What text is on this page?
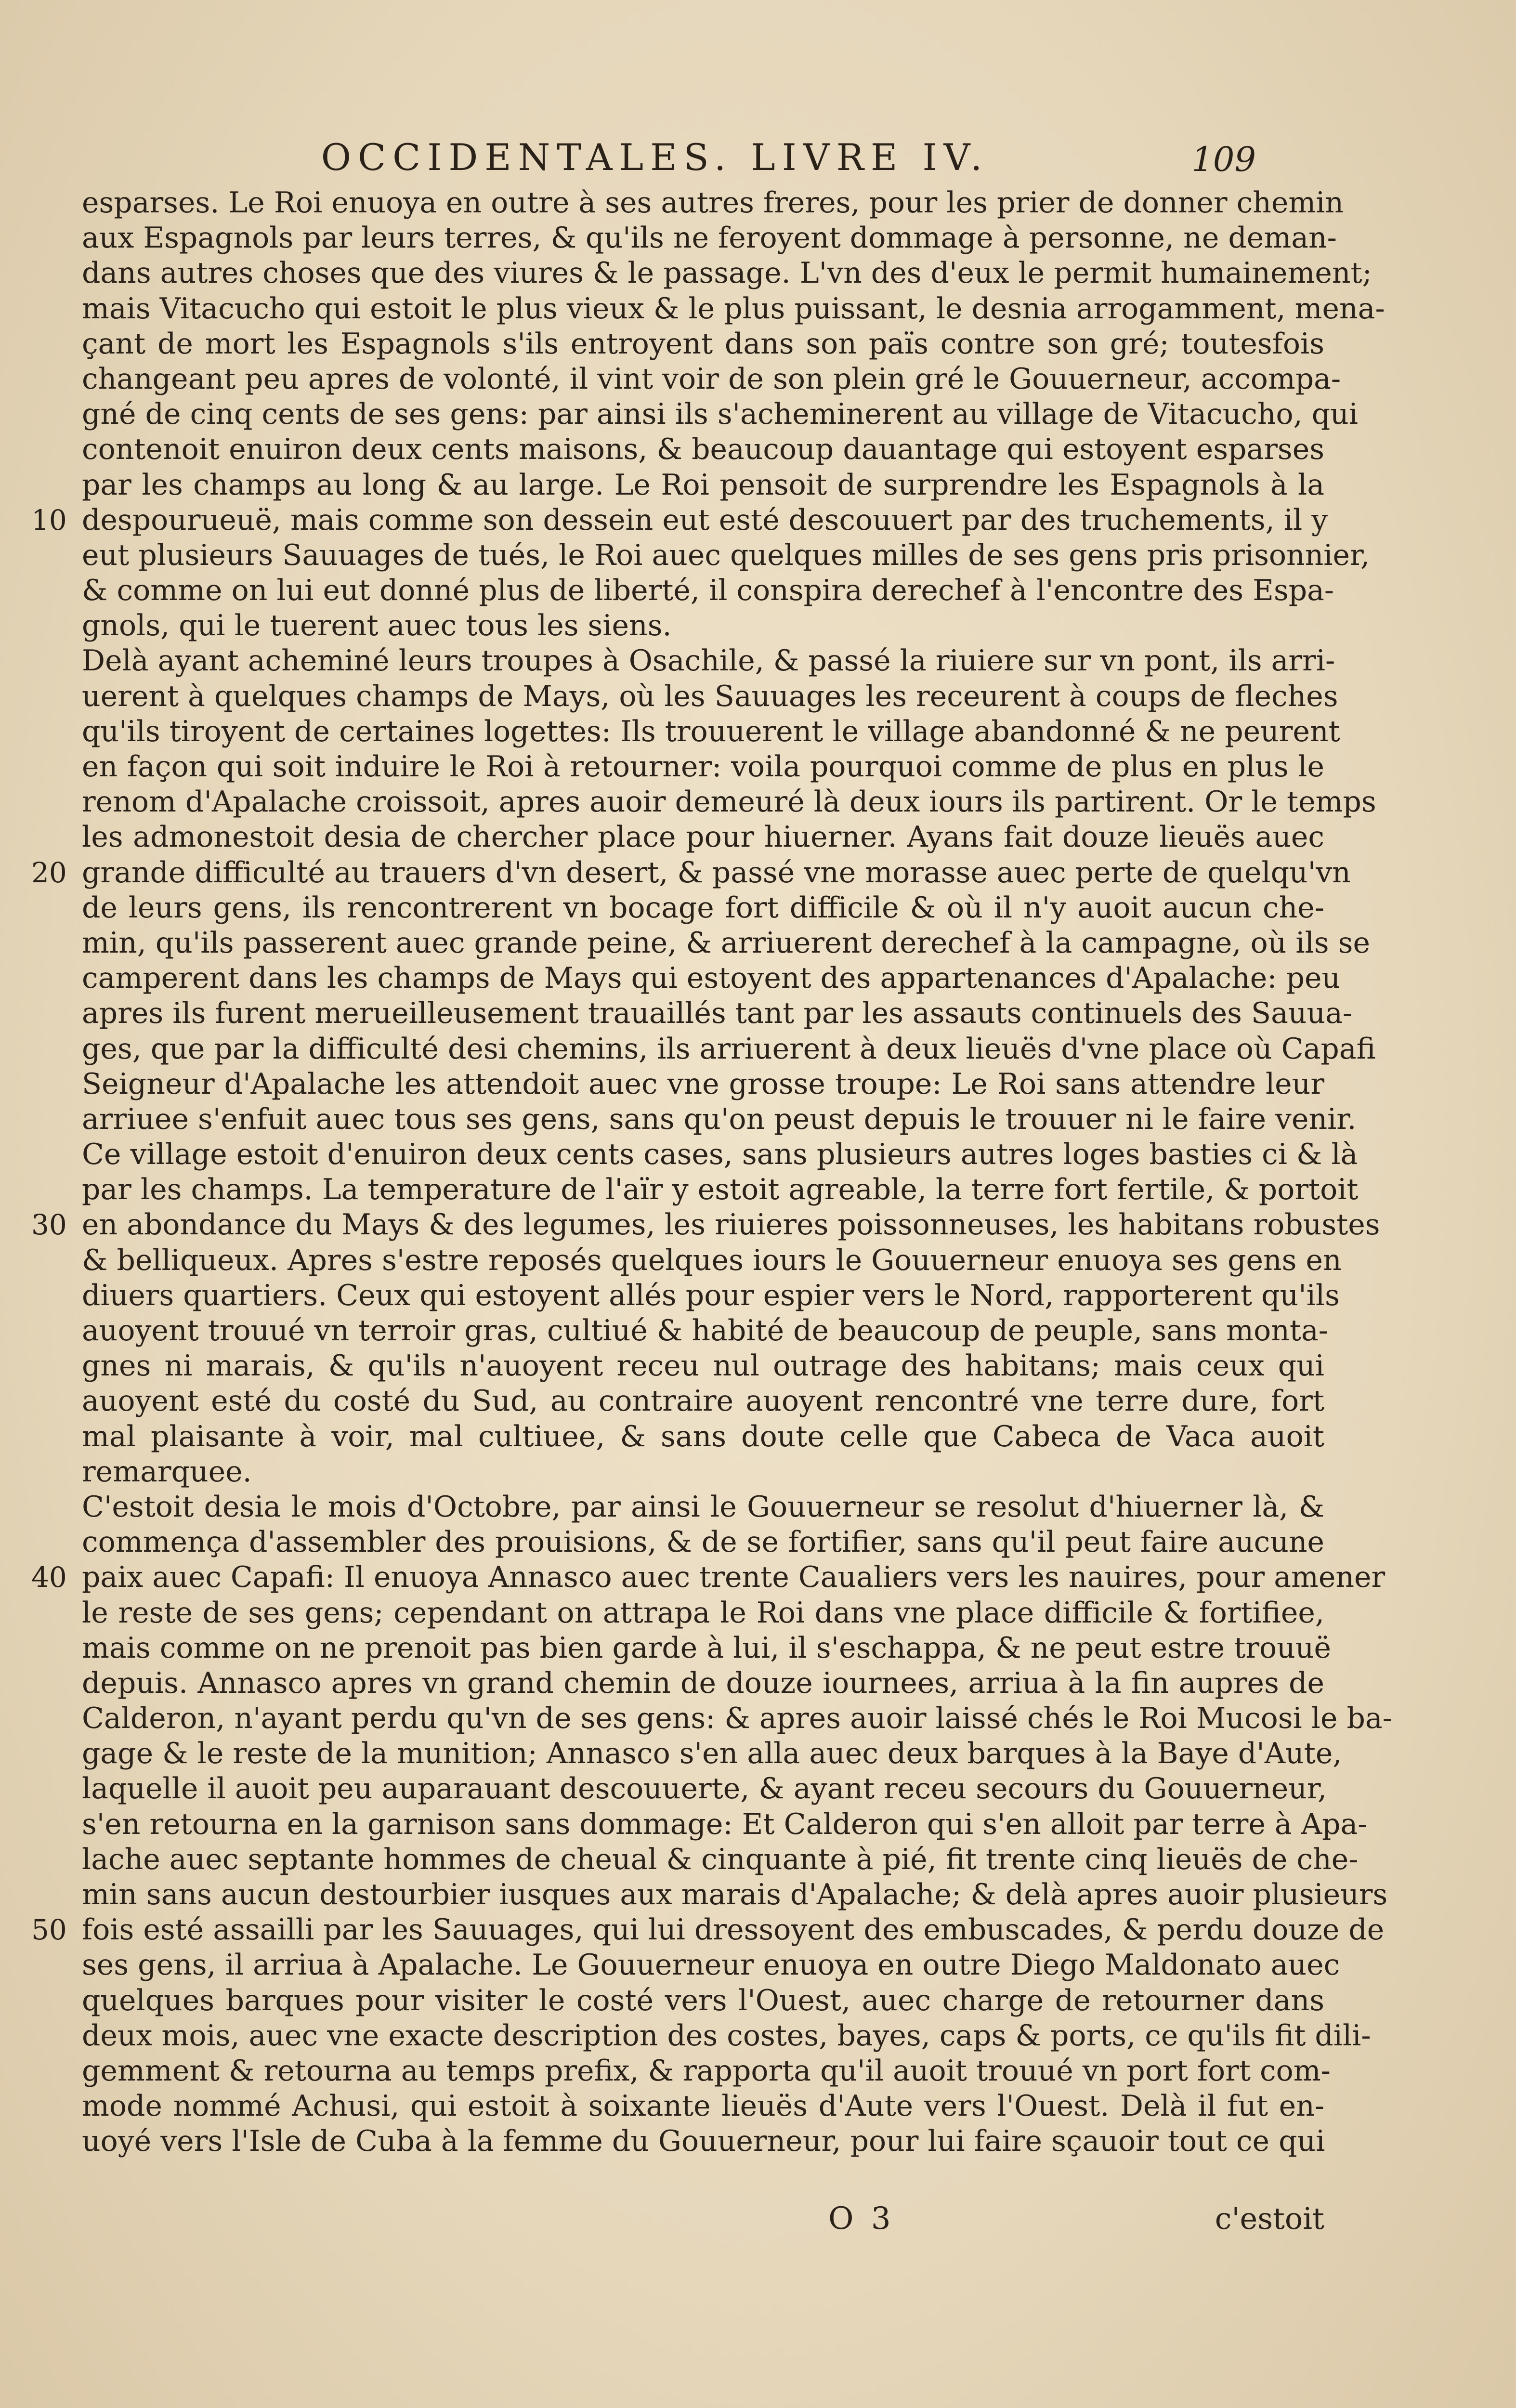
OCCIDENTALES. LIVRE IV.	109
esparses. Le Roi enuoya en outre à ses autres freres, pour les prier de donner chemin
aux Espagnols par leurs terres, & qu'ils ne feroyent dommage à personne, ne deman-
dans autres choses que des viures & le passage. L'vn des d'eux le permit humainement;
mais Vitacucho qui estoit le plus vieux & le plus puissant, le desnia arrogamment, mena-
çant de mort les Espagnols s'ils entroyent dans son païs contre son gré; toutesfois
changeant peu apres de volonté, il vint voir de son plein gré le Gouuerneur, accompa-
gné de cinq cents de ses gens: par ainsi ils s'acheminerent au village de Vitacucho, qui
contenoit enuiron deux cents maisons, & beaucoup dauantage qui estoyent esparses
par les champs au long & au large. Le Roi pensoit de surprendre les Espagnols à la
despourueuë, mais comme son dessein eut esté descouuert par des truchements, il y
10
eut plusieurs Sauuages de tués, le Roi auec quelques milles de ses gens pris prisonnier,
& comme on lui eut donné plus de liberté, il conspira derechef à l'encontre des Espa-
gnols, qui le tuerent auec tous les siens.
Delà ayant acheminé leurs troupes à Osachile, & passé la riuiere sur vn pont, ils arri-
uerent à quelques champs de Mays, où les Sauuages les receurent à coups de fleches
qu'ils tiroyent de certaines logettes: Ils trouuerent le village abandonné & ne peurent
en façon qui soit induire le Roi à retourner: voila pourquoi comme de plus en plus le
renom d'Apalache croissoit, apres auoir demeuré là deux iours ils partirent. Or le temps
les admonestoit desia de chercher place pour hiuerner. Ayans fait douze lieuës auec
grande difficulté au trauers d'vn desert, & passé vne morasse auec perte de quelqu'vn
20
de leurs gens, ils rencontrerent vn bocage fort difficile & où il n'y auoit aucun che-
min, qu'ils passerent auec grande peine, & arriuerent derechef à la campagne, où ils se
camperent dans les champs de Mays qui estoyent des appartenances d'Apalache: peu
apres ils furent merueilleusement trauaillés tant par les assauts continuels des Sauua-
ges, que par la difficulté desi chemins, ils arriuerent à deux lieuës d'vne place où Capafi
Seigneur d'Apalache les attendoit auec vne grosse troupe: Le Roi sans attendre leur
arriuee s'enfuit auec tous ses gens, sans qu'on peust depuis le trouuer ni le faire venir.
Ce village estoit d'enuiron deux cents cases, sans plusieurs autres loges basties ci & là
par les champs. La temperature de l'aïr y estoit agreable, la terre fort fertile, & portoit
en abondance du Mays & des legumes, les riuieres poissonneuses, les habitans robustes
30
& belliqueux. Apres s'estre reposés quelques iours le Gouuerneur enuoya ses gens en
diuers quartiers. Ceux qui estoyent allés pour espier vers le Nord, rapporterent qu'ils
auoyent trouué vn terroir gras, cultiué & habité de beaucoup de peuple, sans monta-
gnes ni marais, & qu'ils n'auoyent receu nul outrage des habitans; mais ceux qui
auoyent esté du costé du Sud, au contraire auoyent rencontré vne terre dure, fort
mal plaisante à voir, mal cultiuee, & sans doute celle que Cabeca de Vaca auoit
remarquee.
C'estoit desia le mois d'Octobre, par ainsi le Gouuerneur se resolut d'hiuerner là, &
commença d'assembler des prouisions, & de se fortifier, sans qu'il peut faire aucune
paix auec Capafi: Il enuoya Annasco auec trente Caualiers vers les nauires, pour amener
40
le reste de ses gens; cependant on attrapa le Roi dans vne place difficile & fortifiee,
mais comme on ne prenoit pas bien garde à lui, il s'eschappa, & ne peut estre trouuë
depuis. Annasco apres vn grand chemin de douze iournees, arriua à la fin aupres de
Calderon, n'ayant perdu qu'vn de ses gens: & apres auoir laissé chés le Roi Mucosi le ba-
gage & le reste de la munition; Annasco s'en alla auec deux barques à la Baye d'Aute,
laquelle il auoit peu auparauant descouuerte, & ayant receu secours du Gouuerneur,
s'en retourna en la garnison sans dommage: Et Calderon qui s'en alloit par terre à Apa-
lache auec septante hommes de cheual & cinquante à pié, fit trente cinq lieuës de che-
min sans aucun destourbier iusques aux marais d'Apalache; & delà apres auoir plusieurs
fois esté assailli par les Sauuages, qui lui dressoyent des embuscades, & perdu douze de
50
ses gens, il arriua à Apalache. Le Gouuerneur enuoya en outre Diego Maldonato auec
quelques barques pour visiter le costé vers l'Ouest, auec charge de retourner dans
deux mois, auec vne exacte description des costes, bayes, caps & ports, ce qu'ils fit dili-
gemment & retourna au temps prefix, & rapporta qu'il auoit trouué vn port fort com-
mode nommé Achusi, qui estoit à soixante lieuës d'Aute vers l'Ouest. Delà il fut en-
uoyé vers l'Isle de Cuba à la femme du Gouuerneur, pour lui faire sçauoir tout ce qui
O 3	c'estoit
